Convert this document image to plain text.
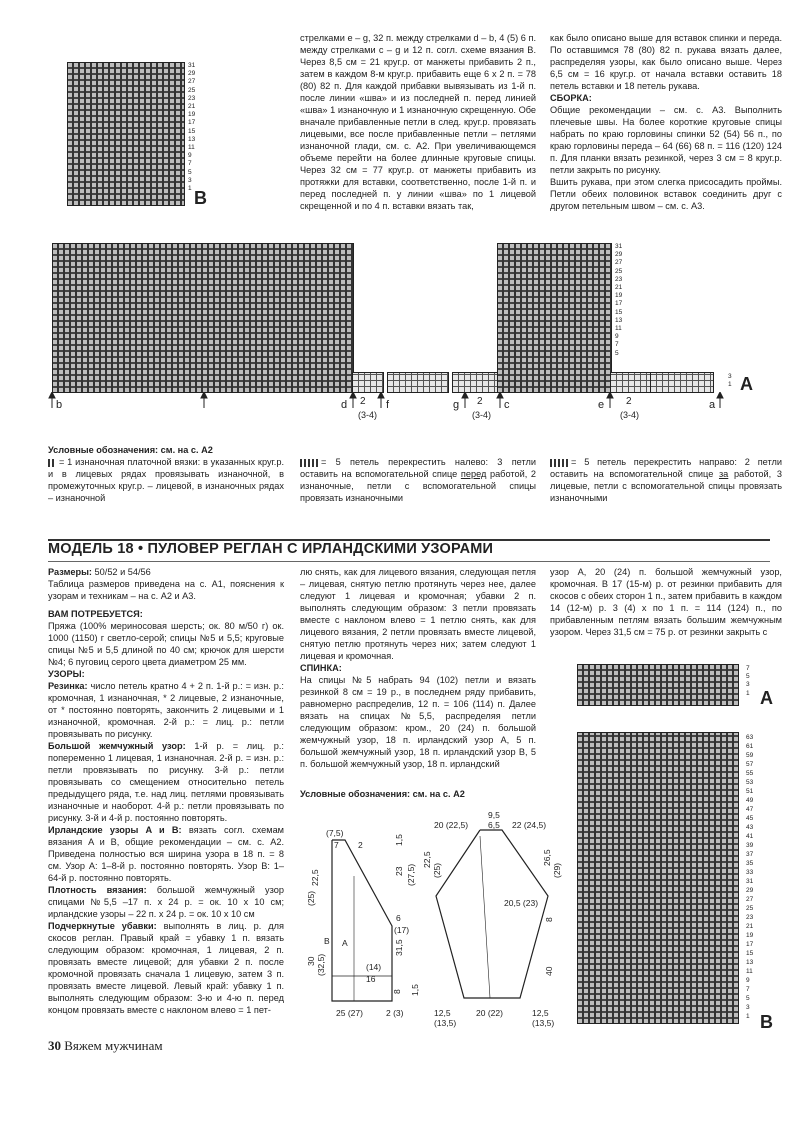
31
29
27
25
23
21
19
17
15
13
11
9
7
5
3
1 B

стрелками e – g, 32 п. между стрелками d – b, 4 (5) 6 п. между стрелками c – g и 12 п. согл. схеме вязания B. Через 8,5 см = 21 круг.р. от манжеты прибавить 2 п., затем в каждом 8-м круг.р. прибавить еще 6 x 2 п. = 78 (80) 82 п. Для каждой прибавки вывязывать из 1-й п. после линии «шва» и из последней п. перед линией «шва» 1 изнаночную и 1 изнаночную скрещенную. Обе вначале прибавленные петли в след. круг.р. провязать лицевыми, все после прибавленные петли – петлями изнаночной глади, см. с. A2. При увеличивающемся объеме перейти на более длинные круговые спицы. Через 32 см = 77 круг.р. от манжеты прибавить из протяжки для вставки, соответственно, после 1-й п. и перед последней п. у линии «шва» по 1 лицевой скрещенной и по 4 п. вставки вязать так,

как было описано выше для вставок спинки и переда. По оставшимся 78 (80) 82 п. рукава вязать далее, распределяя узоры, как было описано выше. Через 6,5 см = 16 круг.р. от начала вставки оставить 18 петель вставки и 18 петель рукава.

СБОРКА:

Общие рекомендации – см. с. A3. Выполнить плечевые швы. На более короткие круговые спицы набрать по краю горловины спинки 52 (54) 56 п., по краю горловины переда – 64 (66) 68 п. = 116 (120) 124 п. Для планки вязать резинкой, через 3 см = 8 круг.р. петли закрыть по рисунку.

Вшить рукава, при этом слегка присосадить проймы. Петли обеих половинок вставок соединить друг с другом петельным швом – см. с. A3.

31
29
27
25
23
21
19
17
15
13
11
9
7
5
3
1 A
b	d 2
(3-4)
f	g 2
(3-4)
c	e 2
(3-4)
a

Условные обозначения: см. на с. A2

= 1 изнаночная платочной вязки: в указанных круг.р. и в лицевых рядах провязывать изнаночной, в промежуточных круг.р. – лицевой, в изнаночных рядах – изнаночной

= 5 петель перекрестить налево: 3 петли оставить на вспомогательной спице перед работой, 2 изнаночные, петли с вспомогательной спицы провязать изнаночными

= 5 петель перекрестить направо: 2 петли оставить на вспомогательной спице за работой, 3 лицевые, петли с вспомогательной спицы провязать изнаночными

МОДЕЛЬ 18 • ПУЛОВЕР РЕГЛАН С ИРЛАНДСКИМИ УЗОРАМИ

Размеры: 50/52 и 54/56

Таблица размеров приведена на с. A1, пояснения к узорам и техникам – на с. A2 и A3.

ВАМ ПОТРЕБУЕТСЯ:

Пряжа (100% мериносовая шерсть; ок. 80 м/50 г) ок. 1000 (1150) г светло-серой; спицы №5 и 5,5; круговые спицы №5 и 5,5 длиной по 40 см; крючок для шерсти №4; 6 пуговиц серого цвета диаметром 25 мм.

УЗОРЫ:

Резинка: число петель кратно 4 + 2 п. 1-й р.: = изн. р.: кромочная, 1 изнаночная, * 2 лицевые, 2 изнаночные, от * постоянно повторять, закончить 2 лицевыми и 1 изнаночной, кромочная. 2-й р.: = лиц. р.: петли провязывать по рисунку.

Большой жемчужный узор: 1-й р. = лиц. р.: попеременно 1 лицевая, 1 изнаночная. 2-й р. = изн. р.: петли провязывать по рисунку. 3-й р.: петли провязывать со смещением относительно петель предыдущего ряда, т.е. над лиц. петлями провязывать изнаночные и наоборот. 4-й р.: петли провязывать по рисунку. 3-й и 4-й р. постоянно повторять.

Ирландские узоры A и B: вязать согл. схемам вязания A и B, общие рекомендации – см. с. A2. Приведена полностью вся ширина узора в 18 п. = 8 см. Узор A: 1–8-й р. постоянно повторять. Узор B: 1–64-й р. постоянно повторять.

Плотность вязания: большой жемчужный узор спицами №5,5 –17 п. x 24 р. = ок. 10 x 10 см; ирландские узоры – 22 п. x 24 р. = ок. 10 x 10 см

Подчеркнутые убавки: выполнять в лиц. р. для скосов реглан. Правый край = убавку 1 п. вязать следующим образом: кромочная, 1 лицевая, 2 п. провязать вместе лицевой; для убавки 2 п. после кромочной провязать сначала 1 лицевую, затем 3 п. провязать вместе лицевой. Левый край: убавку 1 п. выполнять следующим образом: 3-ю и 4-ю п. перед концом провязать вместе с наклоном влево = 1 пет-

лю снять, как для лицевого вязания, следующая петля – лицевая, снятую петлю протянуть через нее, далее следуют 1 лицевая и кромочная; убавки 2 п. выполнять следующим образом: 3 петли провязать вместе с наклоном влево = 1 петлю снять, как для лицевого вязания, 2 петли провязать вместе лицевой, снятую петлю протянуть через них; затем следуют 1 лицевая и кромочная.

СПИНКА:

На спицы №5 набрать 94 (102) петли и вязать резинкой 8 см = 19 р., в последнем ряду прибавить, равномерно распределив, 12 п. = 106 (114) п. Далее вязать на спицах №5,5, распределяя петли следующим образом: кром., 20 (24) п. большой жемчужный узор, 18 п. ирландский узор A, 5 п. большой жемчужный узор, 18 п. ирландский узор B, 5 п. большой жемчужный узор, 18 п. ирландский

Условные обозначения: см. на с. A2

узор A, 20 (24) п. большой жемчужный узор, кромочная. В 17 (15-м) р. от резинки прибавить для скосов с обеих сторон 1 п., затем прибавить в каждом 14 (12-м) р. 3 (4) x по 1 п. = 114 (124) п., по прибавленным петлям вязать большим жемчужным узором. Через 31,5 см = 75 р. от резинки закрыть с

7
5
3
1 A
63
61
59
57
55
53
51
49
47
45
43
41
39
37
35
33
31
29
27
25
23
21
19
17
15
13
11
9
7
5
3
1 B
(7,5)
7 2
22,5
(25)
23 (27,5)
1,5
6
(17)
30 (32,5)
B A	31,5
(14)
16
8
25 (27)	2 (3)
1,5
9,5
20 (22,5) 6,5 22 (24,5)
22,5
(25)
26,5
(29)
20,5 (23)
8
40
12,5
(13,5)
20 (22)	12,5
(13,5)
30 Вяжем мужчинам
